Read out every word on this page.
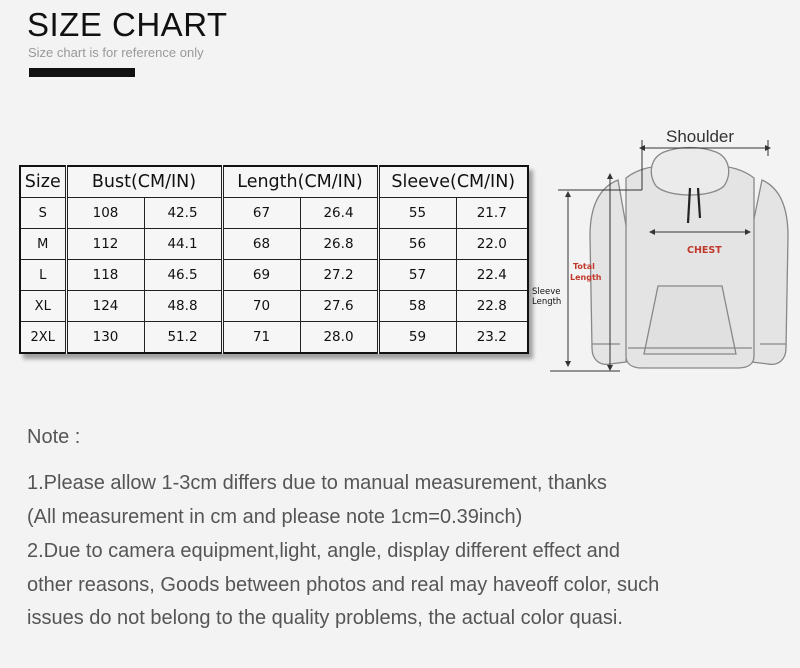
SIZE CHART
Size chart is for reference only
Size	Bust(CM/IN)		Length(CM/IN)		Sleeve(CM/IN)	
S	108	42.5	67	26.4	55	21.7
M	112	44.1	68	26.8	56	22.0
L	118	46.5	69	27.2	57	22.4
XL	124	48.8	70	27.6	58	22.8
2XL	130	51.2	71	28.0	59	23.2
Shoulder
CHEST
Total
Length
Sleeve
Length
Note :
1.Please allow 1-3cm differs due to manual measurement, thanks
(All measurement in cm and please note 1cm=0.39inch)
2.Due to camera equipment,light, angle, display different effect and
other reasons, Goods between photos and real may haveoff color, such
issues do not belong to the quality problems, the actual color quasi.
